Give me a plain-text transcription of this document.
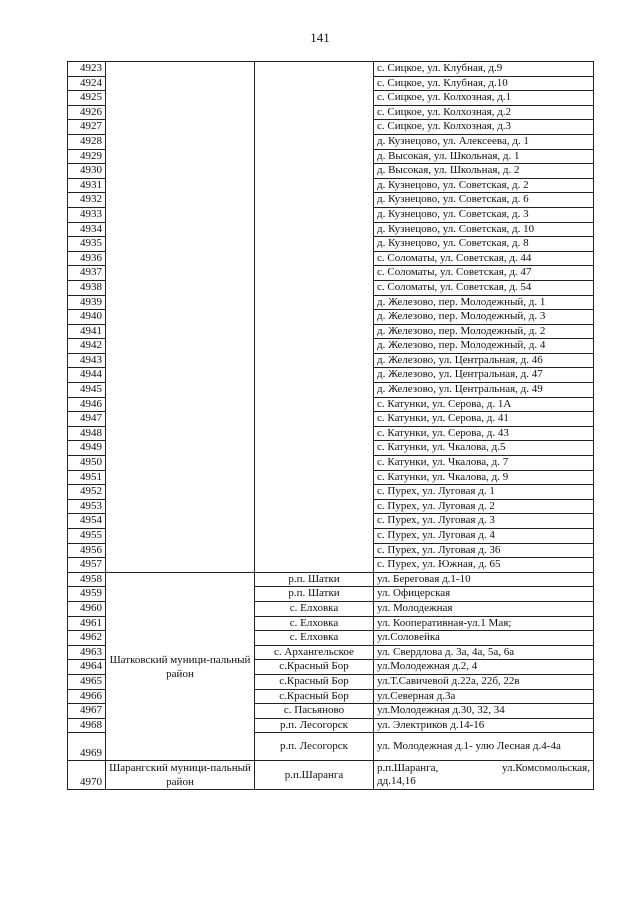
141
4923			с. Сицкое, ул. Клубная, д.9
4924			с. Сицкое, ул. Клубная, д.10
4925			с. Сицкое, ул. Колхозная, д.1
4926			с. Сицкое, ул. Колхозная, д.2
4927			с. Сицкое, ул. Колхозная, д.3
4928			д. Кузнецово, ул. Алексеева, д. 1
4929			д. Высокая, ул. Школьная, д. 1
4930			д. Высокая, ул. Школьная, д. 2
4931			д. Кузнецово, ул. Советская, д. 2
4932			д. Кузнецово, ул. Советская, д. 6
4933			д. Кузнецово, ул. Советская, д. 3
4934			д. Кузнецово, ул. Советская, д. 10
4935			д. Кузнецово, ул. Советская, д. 8
4936			с. Соломаты, ул. Советская, д. 44
4937			с. Соломаты, ул. Советская, д. 47
4938			с. Соломаты, ул. Советская, д. 54
4939			д. Железово, пер. Молодежный, д. 1
4940			д. Железово, пер. Молодежный, д. 3
4941			д. Железово, пер. Молодежный, д. 2
4942			д. Железово, пер. Молодежный, д. 4
4943			д. Железово, ул. Центральная, д. 46
4944			д. Железово, ул. Центральная, д. 47
4945			д. Железово, ул. Центральная, д. 49
4946			с. Катунки, ул. Серова, д. 1А
4947			с. Катунки, ул. Серова, д. 41
4948			с. Катунки, ул. Серова, д. 43
4949			с. Катунки, ул. Чкалова, д.5
4950			с. Катунки, ул. Чкалова, д. 7
4951			с. Катунки, ул. Чкалова, д. 9
4952			с. Пурех, ул. Луговая д. 1
4953			с. Пурех, ул. Луговая д. 2
4954			с. Пурех, ул. Луговая д. 3
4955			с. Пурех, ул. Луговая д. 4
4956			с. Пурех, ул. Луговая д. 36
4957			с. Пурех, ул. Южная, д. 65
4958	Шатковский муници-пальный район	р.п. Шатки	ул. Береговая д.1-10
4959		р.п. Шатки	ул. Офицерская
4960		с. Елховка	ул. Молодежная
4961		с. Елховка	ул. Кооперативная-ул.1 Мая;
4962		с. Елховка	ул.Соловейка
4963		с. Архангельское	ул. Свердлова д. 3а, 4а, 5а, 6а
4964		с.Красный Бор	ул.Молодежная д.2, 4
4965		с.Красный Бор	ул.Т.Савичевой д.22а, 22б, 22в
4966		с.Красный Бор	ул.Северная д.3а
4967		с. Пасьяново	ул.Молодежная д.30, 32, 34
4968		р.п. Лесогорск	ул. Электриков д.14-16
4969		р.п. Лесогорск	ул. Молодежная д.1- улю Лесная д.4-4а
4970	Шарангский муници-пальный район	р.п.Шаранга	р.п.Шаранга, ул.Комсомольская,
дд.14,16
